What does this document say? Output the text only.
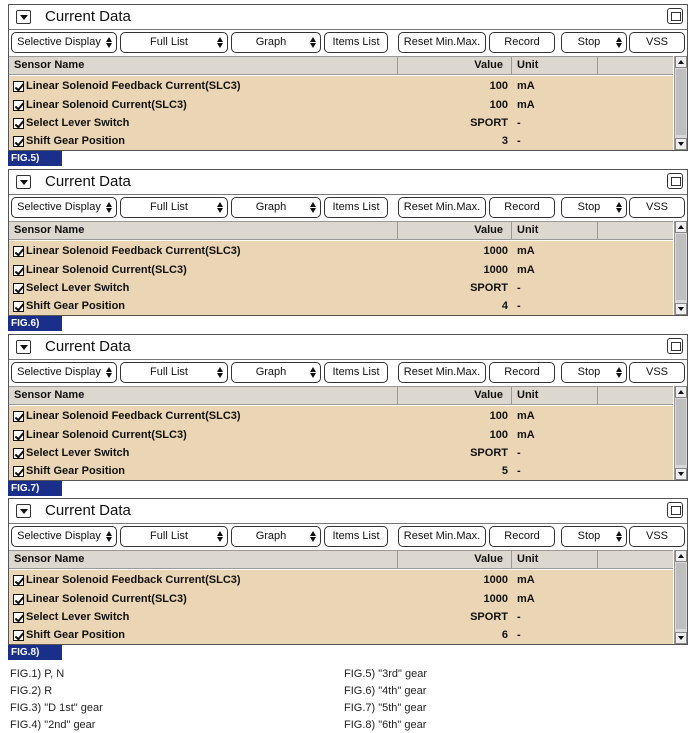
Current Data
Selective Display	Full List	Graph	Items List	Reset Min.Max.	Record	Stop	VSS
Sensor Name	Value Unit
Linear Solenoid Feedback Current(SLC3)	100 mA
Linear Solenoid Current(SLC3)	100 mA
Select Lever Switch	SPORT -
Shift Gear Position	3 -
FIG.5)
Current Data
Selective Display	Full List	Graph	Items List	Reset Min.Max.	Record	Stop	VSS
Sensor Name	Value Unit
Linear Solenoid Feedback Current(SLC3)	1000 mA
Linear Solenoid Current(SLC3)	1000 mA
Select Lever Switch	SPORT -
Shift Gear Position	4 -
FIG.6)
Current Data
Selective Display	Full List	Graph	Items List	Reset Min.Max.	Record	Stop	VSS
Sensor Name	Value Unit
Linear Solenoid Feedback Current(SLC3)	100 mA
Linear Solenoid Current(SLC3)	100 mA
Select Lever Switch	SPORT -
Shift Gear Position	5 -
FIG.7)
Current Data
Selective Display	Full List	Graph	Items List	Reset Min.Max.	Record	Stop	VSS
Sensor Name	Value Unit
Linear Solenoid Feedback Current(SLC3)	1000 mA
Linear Solenoid Current(SLC3)	1000 mA
Select Lever Switch	SPORT -
Shift Gear Position	6 -
FIG.8)
FIG.1) P, N
FIG.2) R
FIG.3) "D 1st" gear
FIG.4) "2nd" gear
FIG.5) "3rd" gear
FIG.6) "4th" gear
FIG.7) "5th" gear
FIG.8) "6th" gear
